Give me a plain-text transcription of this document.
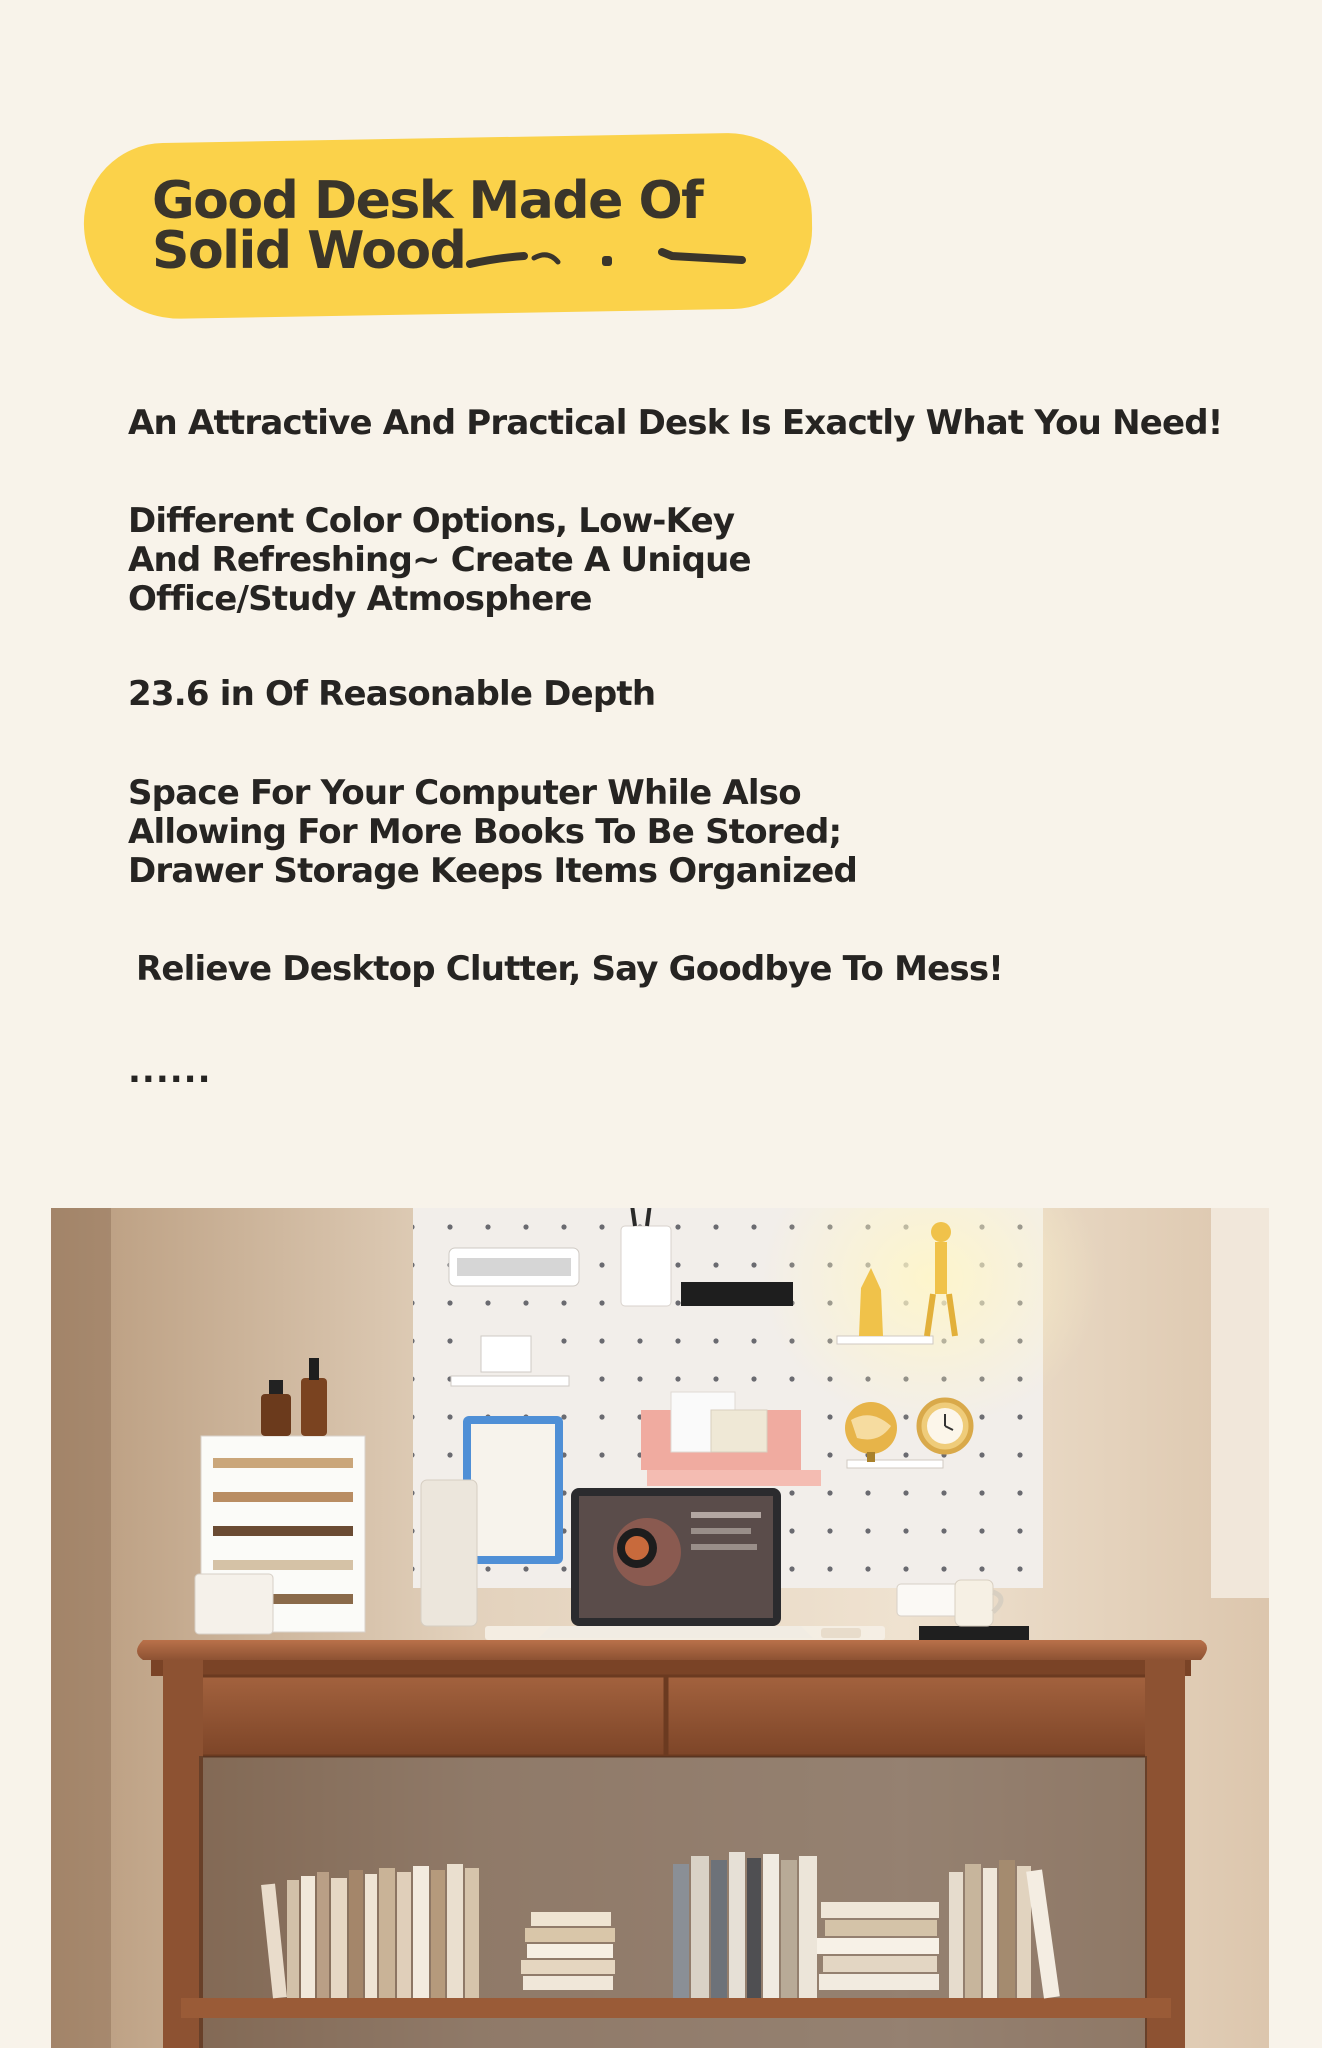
Good Desk Made Of
Solid Wood

An Attractive And Practical Desk Is Exactly What You Need!

Different Color Options, Low-Key
And Refreshing~ Create A Unique
Office/Study Atmosphere

23.6 in Of Reasonable Depth

Space For Your Computer While Also
Allowing For More Books To Be Stored;
Drawer Storage Keeps Items Organized

Relieve Desktop Clutter, Say Goodbye To Mess!

......
